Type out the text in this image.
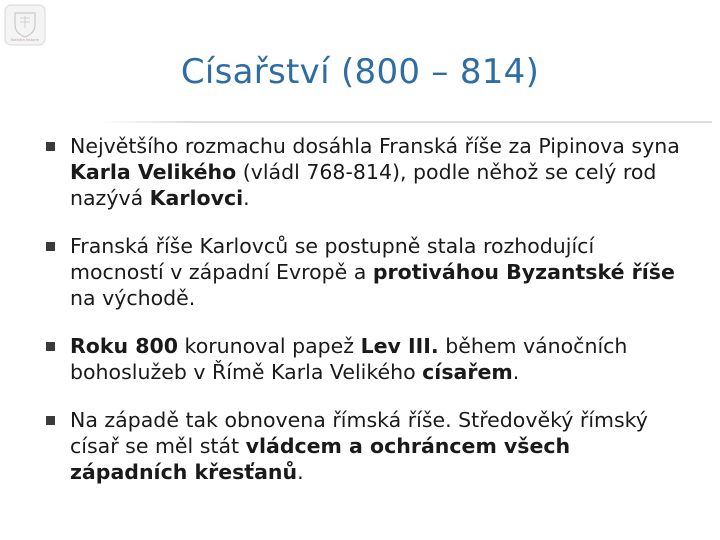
Katedra historie
Císařství (800 – 814)
Největšího rozmachu dosáhla Franská říše za Pipinova syna Karla Velikého (vládl 768-814), podle něhož se celý rod nazývá Karlovci.
Franská říše Karlovců se postupně stala rozhodující mocností v západní Evropě a protiváhou Byzantské říše na východě.
Roku 800 korunoval papež Lev III. během vánočních bohoslužeb v Římě Karla Velikého císařem.
Na západě tak obnovena římská říše. Středověký římský císař se měl stát vládcem a ochráncem všech západních křesťanů.
